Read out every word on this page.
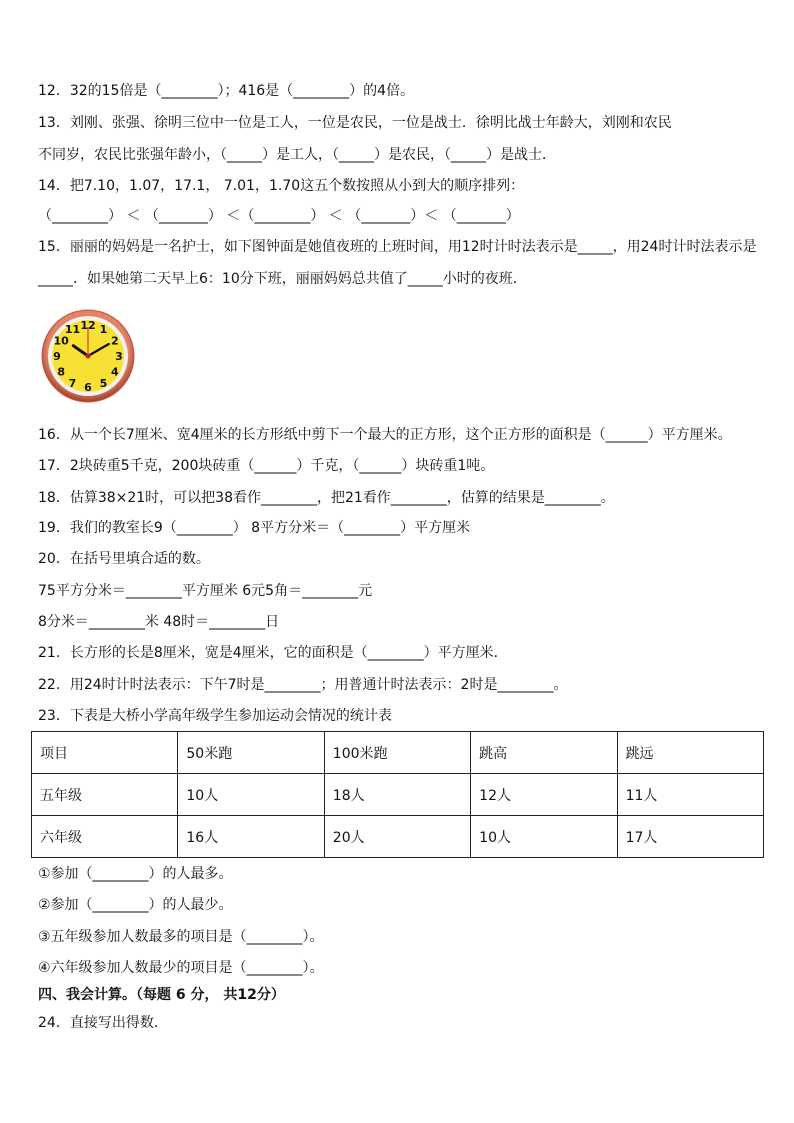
12．32的15倍是（________）；416是（________）的4倍。
13．刘刚、张强、徐明三位中一位是工人，一位是农民，一位是战士．徐明比战士年龄大，刘刚和农民
不同岁，农民比张强年龄小，（_____）是工人，（_____）是农民，（_____）是战士．
14．把7.10，1.07，17.1， 7.01，1.70这五个数按照从小到大的顺序排列：
（________） ＜ （_______） ＜（________） ＜ （_______）＜ （_______）
15．丽丽的妈妈是一名护士，如下图钟面是她值夜班的上班时间，用12时计时法表示是_____，用24时计时法表示是
_____．如果她第二天早上6：10分下班，丽丽妈妈总共值了_____小时的夜班．
12 1
2
3
4
5
6
7
8
9
10
11
16．从一个长7厘米、宽4厘米的长方形纸中剪下一个最大的正方形，这个正方形的面积是（______）平方厘米。
17．2块砖重5千克，200块砖重（______）千克，（______）块砖重1吨。
18．估算38×21时，可以把38看作________，把21看作________，估算的结果是________。
19．我们的教室长9（________） 8平方分米＝（________）平方厘米
20．在括号里填合适的数。
75平方分米＝________平方厘米 6元5角＝________元
8分米＝________米 48时＝________日
21．长方形的长是8厘米，宽是4厘米，它的面积是（________）平方厘米．
22．用24时计时法表示：下午7时是________；用普通计时法表示：2时是________。
23．下表是大桥小学高年级学生参加运动会情况的统计表
项目	50米跑	100米跑	跳高	跳远
五年级	10人	18人	12人	11人
六年级	16人	20人	10人	17人
①参加（________）的人最多。
②参加（________）的人最少。
③五年级参加人数最多的项目是（________）。
④六年级参加人数最少的项目是（________）。
四、我会计算。（每题 6 分， 共12分）
24．直接写出得数．
